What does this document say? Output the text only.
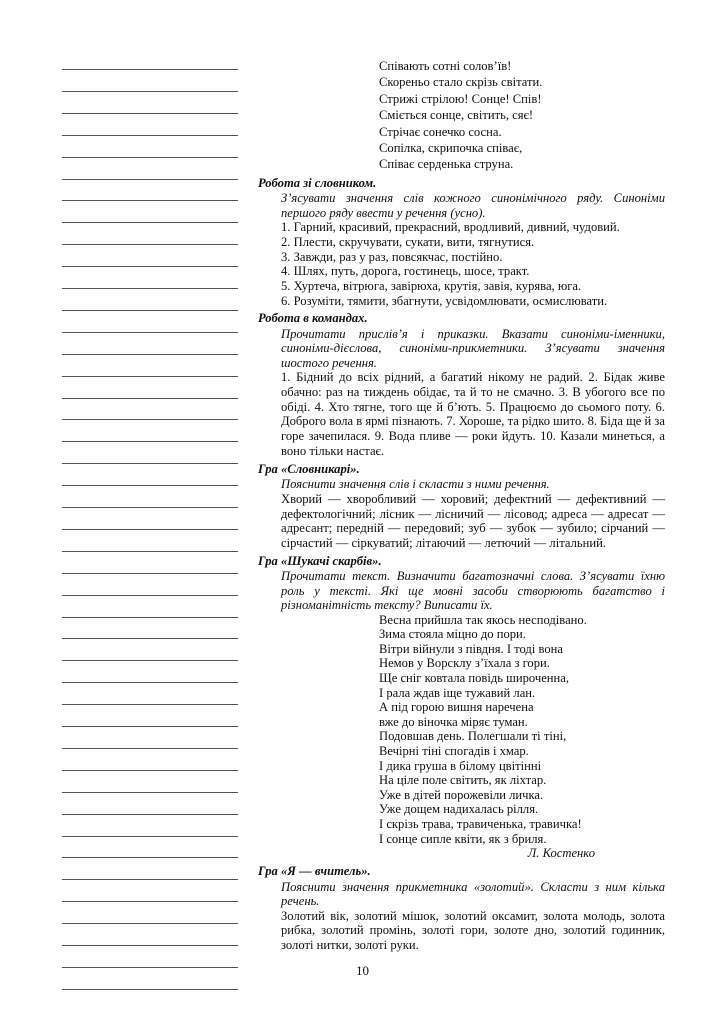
Співають сотні солов’їв!
Скореньо стало скрізь світати.
Стрижі стрілою! Сонце! Спів!
Сміється сонце, світить, сяє!
Стрічає сонечко сосна.
Сопілка, скрипочка співає,
Співає серденька струна.
Робота зі словником.
З’ясувати значення слів кожного синонімічного ряду. Синоніми першого ряду ввести у речення (усно).
1. Гарний, красивий, прекрасний, вродливий, дивний, чудовий.
2. Плести, скручувати, сукати, вити, тягнутися.
3. Завжди, раз у раз, повсякчас, постійно.
4. Шлях, путь, дорога, гостинець, шосе, тракт.
5. Хуртеча, вітрюга, завірюха, крутія, завія, курява, юга.
6. Розуміти, тямити, збагнути, усвідомлювати, осмислювати.
Робота в командах.
Прочитати прислів’я і приказки. Вказати синоніми-іменники, синоніми-дієслова, синоніми-прикметники. З’ясувати значення шостого речення.
1. Бідний до всіх рідний, а багатий нікому не радий. 2. Бідак живе обачно: раз на тиждень обідає, та й то не смачно. 3. В убогого все по обіді. 4. Хто тягне, того ще й б’ють. 5. Працюємо до сьомого поту. 6. Доброго вола в ярмі пізнають. 7. Хороше, та рідко шито. 8. Біда ще й за горе зачепилася. 9. Вода пливе — роки йдуть. 10. Казали минеться, а воно тільки настає.
Гра «Словникарі».
Пояснити значення слів і скласти з ними речення.
Хворий — хворобливий — хоровий; дефектний — дефективний — дефектологічний; лісник — лісничий — лісовод; адреса — адресат — адресант; передній — передовий; зуб — зубок — зубило; сірчаний — сірчастий — сіркуватий; літаючий — летючий — літальний.
Гра «Шукачі скарбів».
Прочитати текст. Визначити багатозначні слова. З’ясувати їхню роль у тексті. Які ще мовні засоби створюють багатство і різноманітність тексту? Виписати їх.
Весна прийшла так якось несподівано.
Зима стояла міцно до пори.
Вітри війнули з півдня. І тоді вона
Немов у Ворсклу з’їхала з гори.
Ще сніг ковтала повідь широченна,
І рала ждав іще тужавий лан.
А під горою вишня наречена
вже до віночка міряє туман.
Подовшав день. Полегшали ті тіні,
Вечірні тіні спогадів і хмар.
І дика груша в білому цвітінні
На ціле поле світить, як ліхтар.
Уже в дітей порожевіли личка.
Уже дощем надихалась рілля.
І скрізь трава, травиченька, травичка!
І сонце сипле квіти, як з бриля.
Л. Костенко
Гра «Я — вчитель».
Пояснити значення прикметника «золотий». Скласти з ним кілька речень.
Золотий вік, золотий мішок, золотий оксамит, золота молодь, золота рибка, золотий промінь, золоті гори, золоте дно, золотий годинник, золоті нитки, золоті руки.
10
